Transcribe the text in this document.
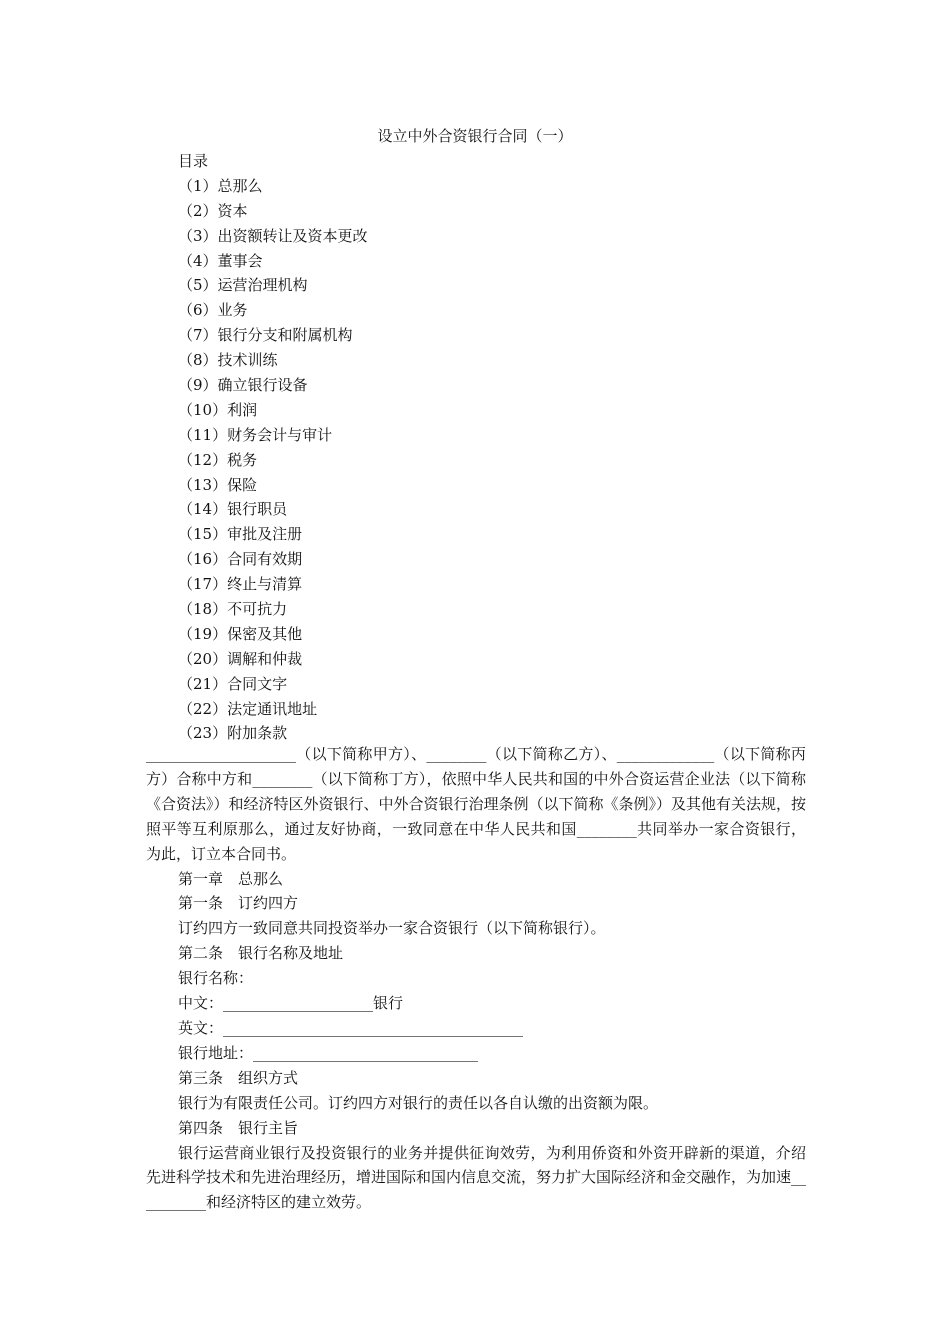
设立中外合资银行合同（一）
目录
（1）总那么
（2）资本
（3）出资额转让及资本更改
（4）董事会
（5）运营治理机构
（6）业务
（7）银行分支和附属机构
（8）技术训练
（9）确立银行设备
（10）利润
（11）财务会计与审计
（12）税务
（13）保险
（14）银行职员
（15）审批及注册
（16）合同有效期
（17）终止与清算
（18）不可抗力
（19）保密及其他
（20）调解和仲裁
（21）合同文字
（22）法定通讯地址
（23）附加条款

____________________（以下简称甲方）、________（以下简称乙方）、_____________（以下简称丙方）合称中方和________（以下简称丁方），依照中华人民共和国的中外合资运营企业法（以下简称《合资法》）和经济特区外资银行、中外合资银行治理条例（以下简称《条例》）及其他有关法规，按照平等互利原那么，通过友好协商，一致同意在中华人民共和国________共同举办一家合资银行，为此，订立本合同书。

第一章　总那么

第一条　订约四方

订约四方一致同意共同投资举办一家合资银行（以下简称银行）。

第二条　银行名称及地址

银行名称：

中文：____________________银行

英文：________________________________________

银行地址：______________________________

第三条　组织方式

银行为有限责任公司。订约四方对银行的责任以各自认缴的出资额为限。

第四条　银行主旨

银行运营商业银行及投资银行的业务并提供征询效劳，为利用侨资和外资开辟新的渠道，介绍先进科学技术和先进治理经历，增进国际和国内信息交流，努力扩大国际经济和金交融作，为加速__________和经济特区的建立效劳。
